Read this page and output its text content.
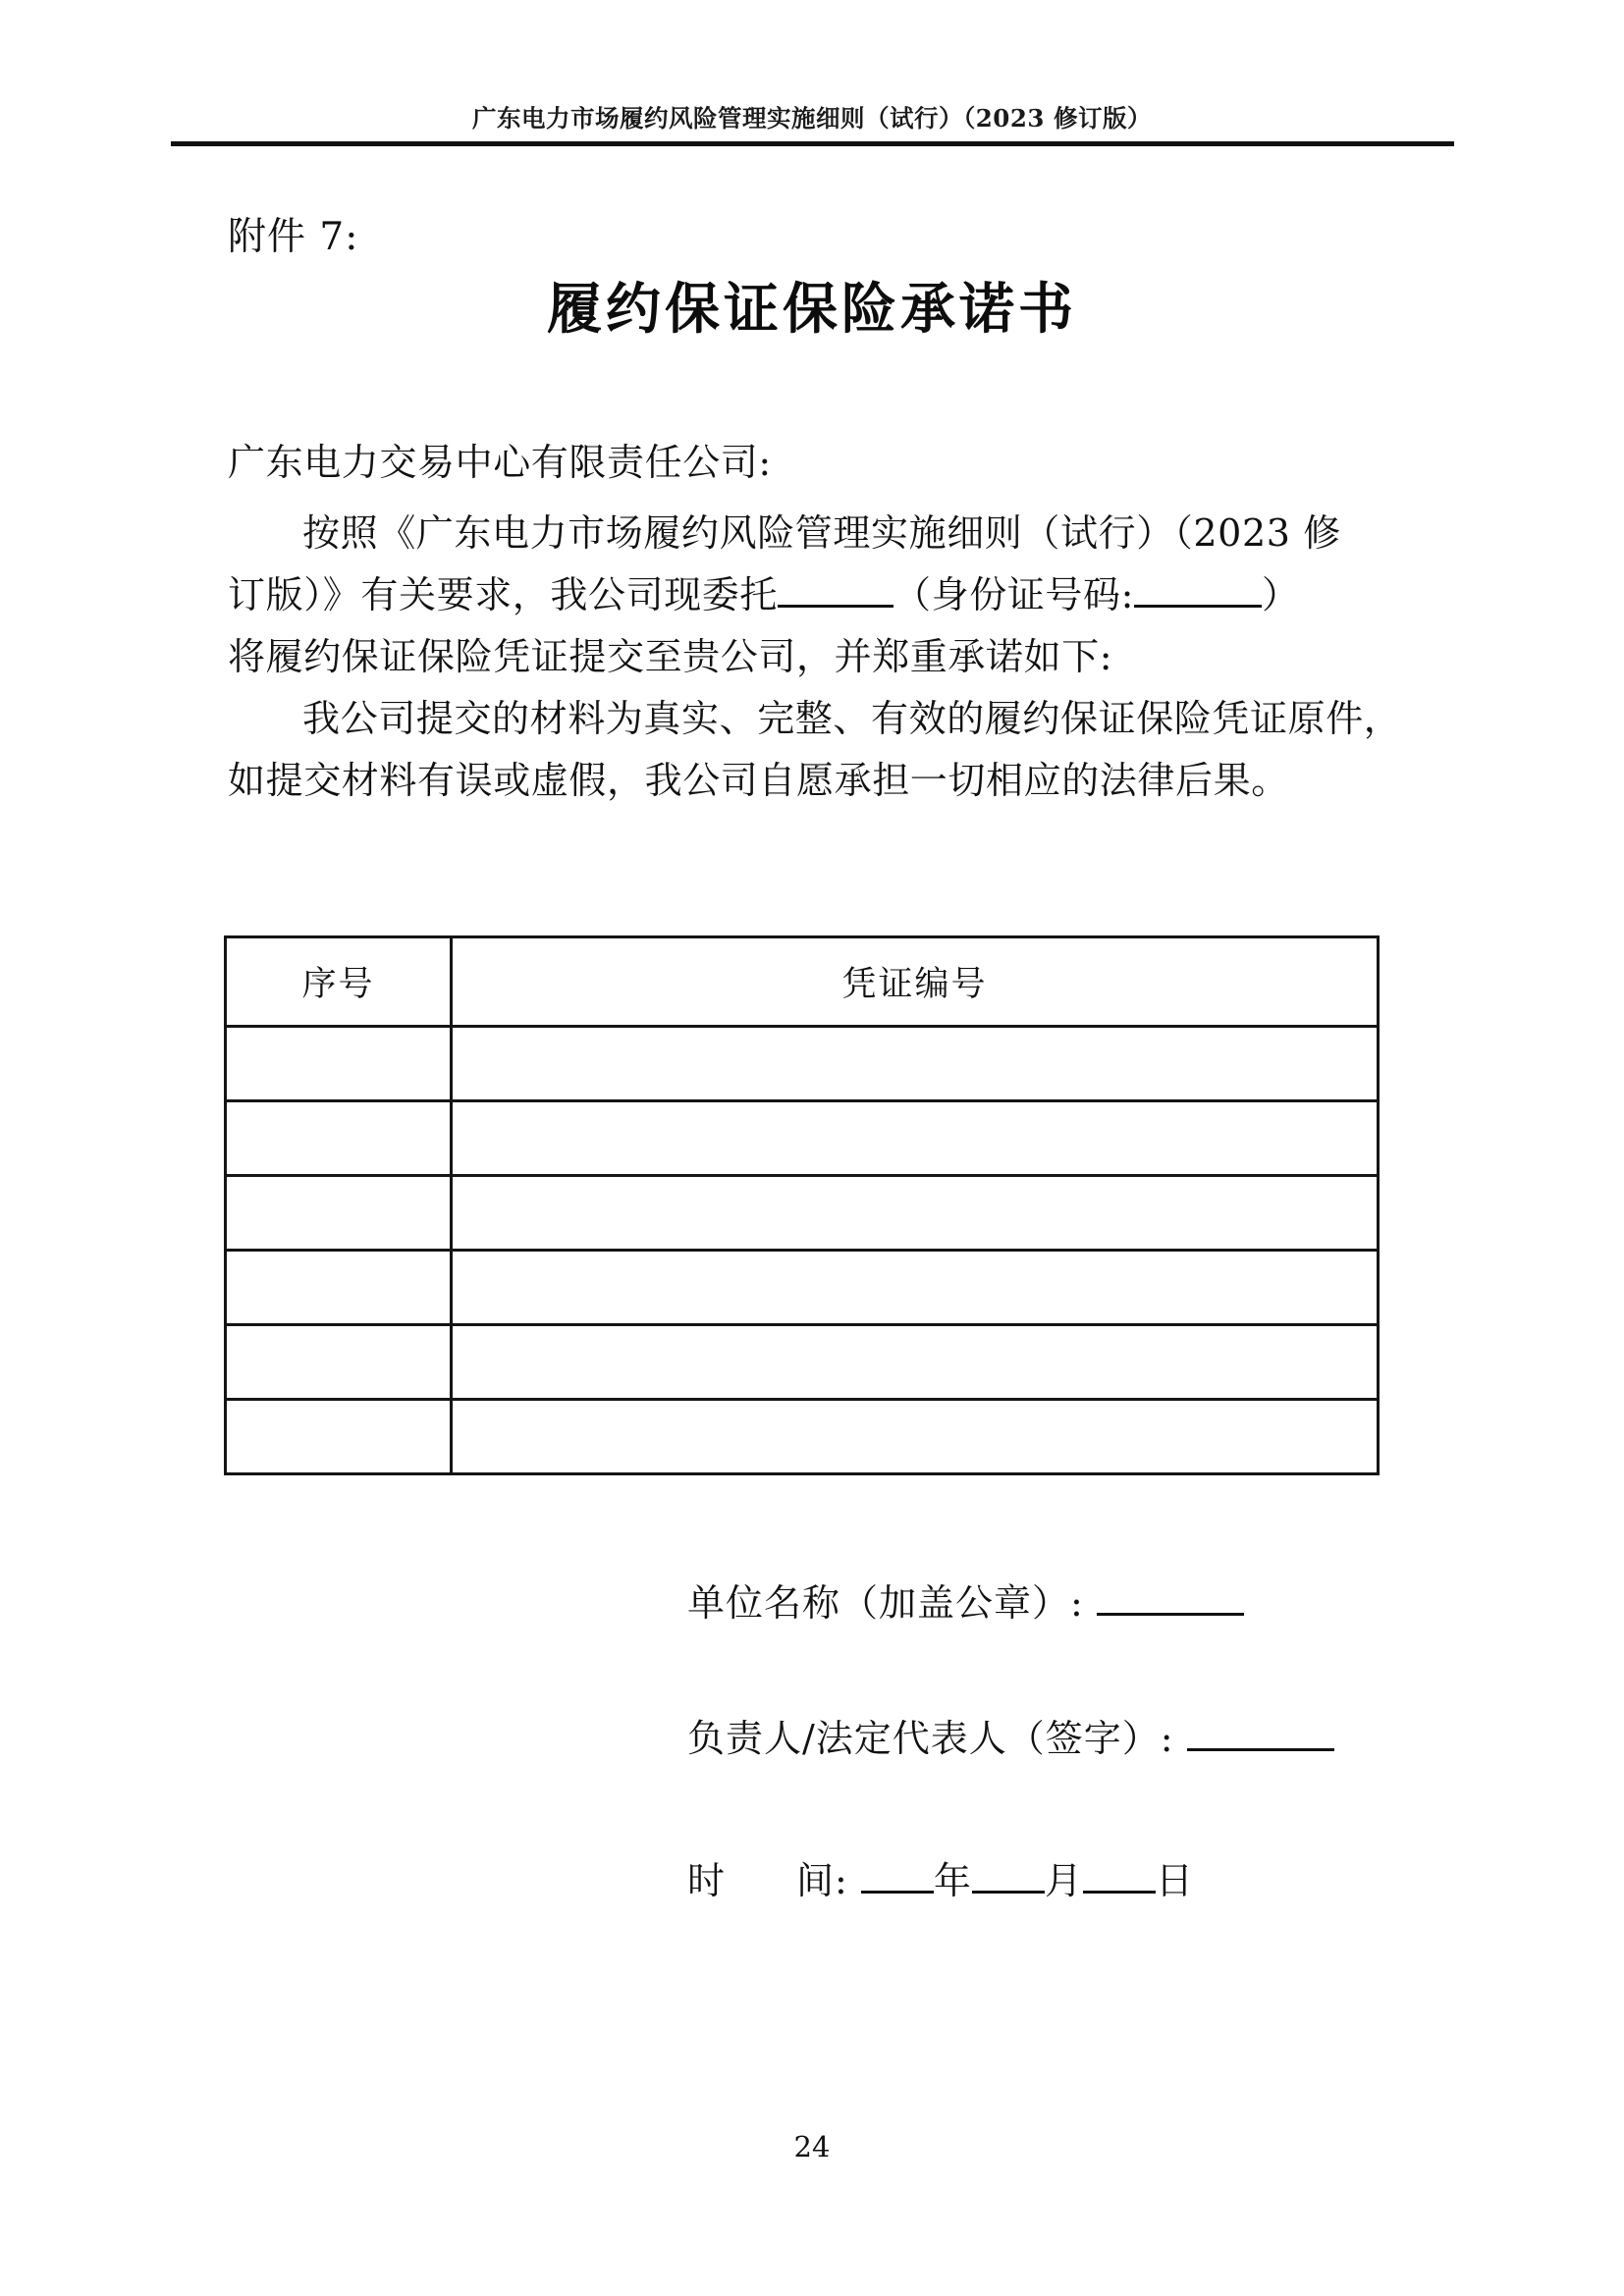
广东电力市场履约风险管理实施细则（试行）（2023 修订版）
附件 7:
履约保证保险承诺书
广东电力交易中心有限责任公司:
按照《广东电力市场履约风险管理实施细则（试行）（2023 修
订版）》有关要求，我公司现委托	（身份证号码:	）
将履约保证保险凭证提交至贵公司，并郑重承诺如下:
我公司提交的材料为真实、完整、有效的履约保证保险凭证原件，
如提交材料有误或虚假，我公司自愿承担一切相应的法律后果。
序号	凭证编号

单位名称（加盖公章）:
负责人/法定代表人（签字）:
时 间: 年 月 日
24
